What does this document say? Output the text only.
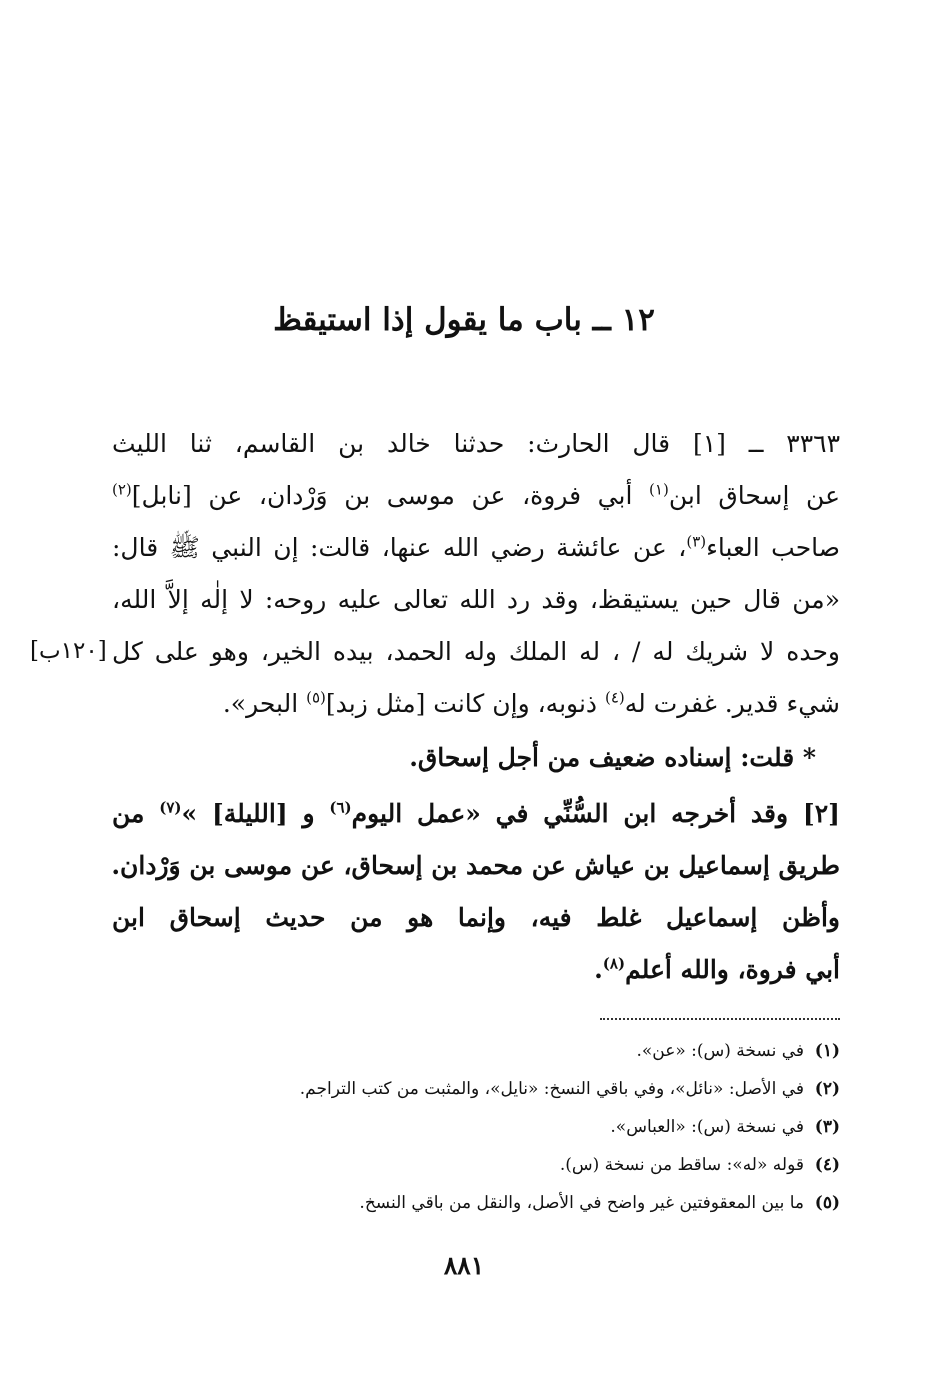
١٢ ــ باب ما يقول إذا استيقظ
٣٣٦٣ ــ [١] قال الحارث: حدثنا خالد بن القاسم، ثنا الليث
عن إسحاق ابن$^{(١)}$ أبي فروة، عن موسى بن وَرْدان، عن [نابل]$^{(٢)}$
صاحب العباء$^{(٣)}$، عن عائشة رضي الله عنها، قالت: إن النبي ﷺ قال:
«من قال حين يستيقظ، وقد رد الله تعالى عليه روحه: لا إلٰه إلاَّ الله،
وحده لا شريك له / ، له الملك وله الحمد، بيده الخير، وهو على كل
شيء قدير. غفرت له$^{(٤)}$ ذنوبه، وإن كانت [مثل زبد]$^{(٥)}$ البحر».
[١٢٠ب]
* قلت: إسناده ضعيف من أجل إسحاق.
[٢] وقد أخرجه ابن السُّنِّي في «عمل اليوم$^{(٦)}$ و [الليلة] »$^{(٧)}$ من
طريق إسماعيل بن عياش عن محمد بن إسحاق، عن موسى بن وَرْدان.
وأظن إسماعيل غلط فيه، وإنما هو من حديث إسحاق ابن
أبي فروة، والله أعلم$^{(٨)}$.
(١)في نسخة (س): «عن».
(٢)في الأصل: «نائل»، وفي باقي النسخ: «نايل»، والمثبت من كتب التراجم.
(٣)في نسخة (س): «العباس».
(٤)قوله «له»: ساقط من نسخة (س).
(٥)ما بين المعقوفتين غير واضح في الأصل، والنقل من باقي النسخ.
٨٨١
